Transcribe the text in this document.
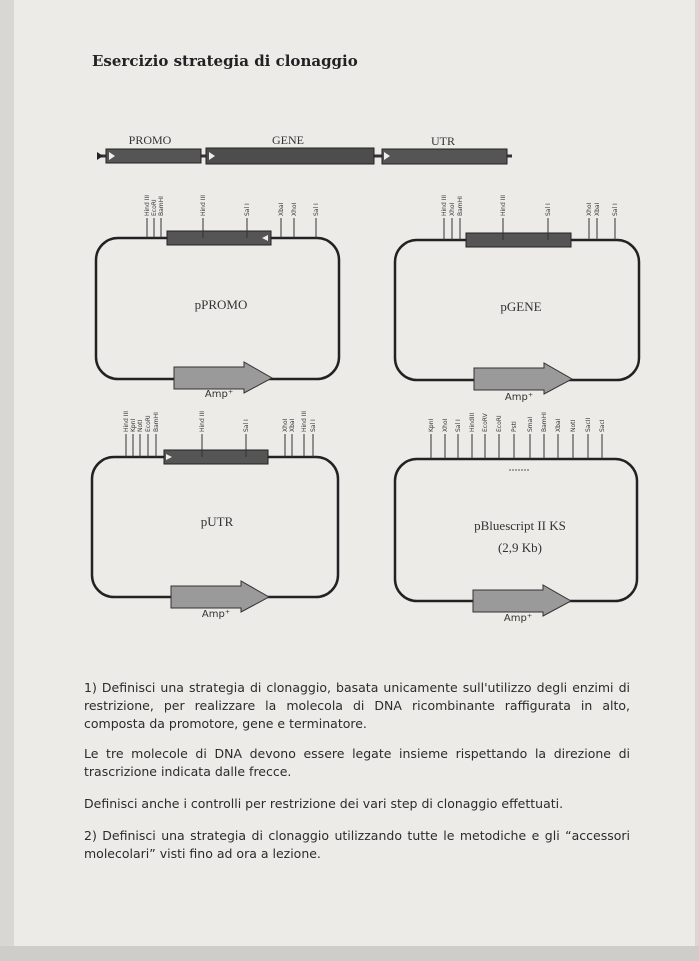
Esercizio strategia di clonaggio
PROMO	GENE	UTR
pPROMO
Amp⁺
Hind III EcoRI BamHI	Hind III	Sal I	XbaI XhoI	Sal I
pGENE
Amp⁺
Hind III XhoI BamHI	Hind III	Sal I	XhoI XbaI Sal I
pUTR
Amp⁺
Hind III KpnI NotI EcoRI BamHI	Hind III	Sal I	XhoI XbaI Hind III Sal I
pBluescript II KS
(2,9 Kb)
Amp⁺
KpnI XhoI Sal I HindIII EcoRV EcoRI PstI SmaI BamHI XbaI NotI SacII SacI

1) Definisci una strategia di clonaggio, basata unicamente sull'utilizzo degli enzimi di restrizione, per realizzare la molecola di DNA ricombinante raffigurata in alto, composta da promotore, gene e terminatore.

Le tre molecole di DNA devono essere legate insieme rispettando la direzione di trascrizione indicata dalle frecce.

Definisci anche i controlli per restrizione dei vari step di clonaggio effettuati.

2) Definisci una strategia di clonaggio utilizzando tutte le metodiche e gli “accessori molecolari” visti fino ad ora a lezione.
